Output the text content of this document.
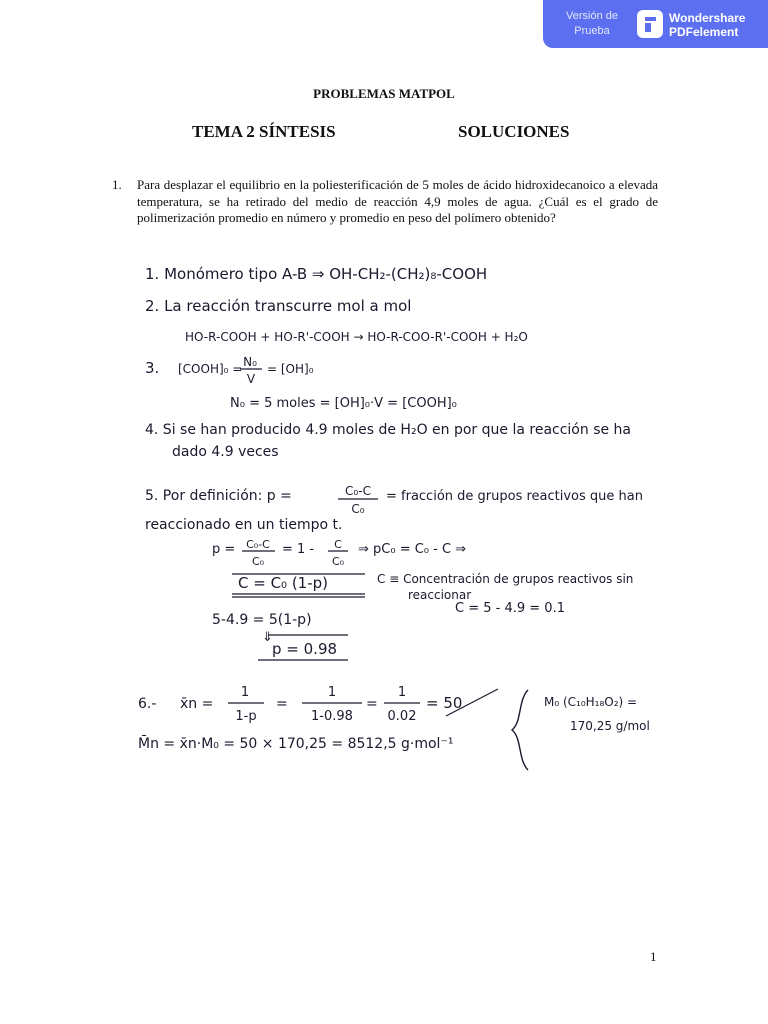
Versión de Prueba
Wondershare
PDFelement
PROBLEMAS MATPOL
TEMA 2 SÍNTESIS	SOLUCIONES
1. Para desplazar el equilibrio en la poliesterificación de 5 moles de ácido hidroxidecanoico a elevada temperatura, se ha retirado del medio de reacción 4,9 moles de agua. ¿Cuál es el grado de polimerización promedio en número y promedio en peso del polímero obtenido?
1. Monómero tipo A-B ⇒ OH-CH₂-(CH₂)₈-COOH
2. La reacción transcurre mol a mol
HO-R-COOH + HO-R'-COOH → HO-R-COO-R'-COOH + H₂O
3. [COOH]₀ = N₀
V
= [OH]₀
N₀ = 5 moles = [OH]₀·V = [COOH]₀
4. Si se han producido 4.9 moles de H₂O en por que la reacción se ha
dado 4.9 veces
5. Por definición: p =	C₀-C
C₀
= fracción de grupos reactivos que han
reaccionado en un tiempo t.
p = C₀-C
C₀
= 1 - C
C₀
⇒ pC₀ = C₀ - C ⇒
C = C₀ (1-p)	C ≡ Concentración de grupos reactivos sin
reaccionar
5-4.9 = 5(1-p)
C = 5 - 4.9 = 0.1
⇓
p = 0.98
6.- x̄n =
1
1-p
=
1
1-0.98
=
1
0.02
= 50
M̄n = x̄n·M₀ = 50 × 170,25 = 8512,5 g·mol⁻¹
M₀ (C₁₀H₁₈O₂) =
170,25 g/mol
1
